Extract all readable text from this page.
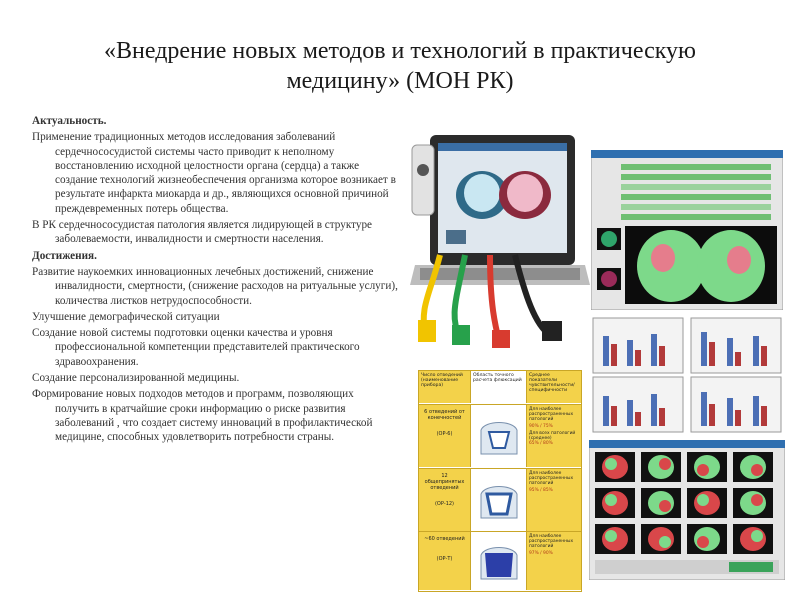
«Внедрение новых методов и технологий в практическую
медицину» (МОН РК)

Актуальность.

Применение традиционных методов исследования заболеваний сердечнососудистой системы часто приводит к неполному восстановлению исходной целостности органа (сердца) а также создание технологий жизнеобеспечения организма которое возникает в результате инфаркта миокарда и др., являющихся основной причиной преждевременных потерь общества.

В РК сердечнососудистая патология является лидирующей в структуре заболеваемости, инвалидности и смертности населения.

Достижения.

Развитие наукоемких инновационных лечебных достижений, снижение инвалидности, смертности, (снижение расходов на ритуальные услуги), количества листков нетрудоспособности.

Улучшение демографической ситуации

Создание новой системы подготовки оценки качества и уровня профессиональной компетенции представителей практического здравоохранения.

Создание персонализированной медицины.

Формирование новых подходов методов и программ, позволяющих получить в кратчайшие сроки информацию о риске развития заболеваний , что создает систему инноваций в профилактической медицине, способных удовлетворить потребности страны.

Число отведений (наименование прибора)
Область точного расчета флюксаций
Среднее показатели чувствительности/ специфичности
6 отведений от конечностей
(ОР-6)
Для наиболее распространенных патологий
90% / 75%
Для всех патологий (среднее)
65% / 80%
12 общепринятых отведений
(ОР-12)
Для наиболее распространенных патологий
95% / 85%
~60 отведений
(ОР-Т)
Для наиболее распространенных патологий
97% / 90%
